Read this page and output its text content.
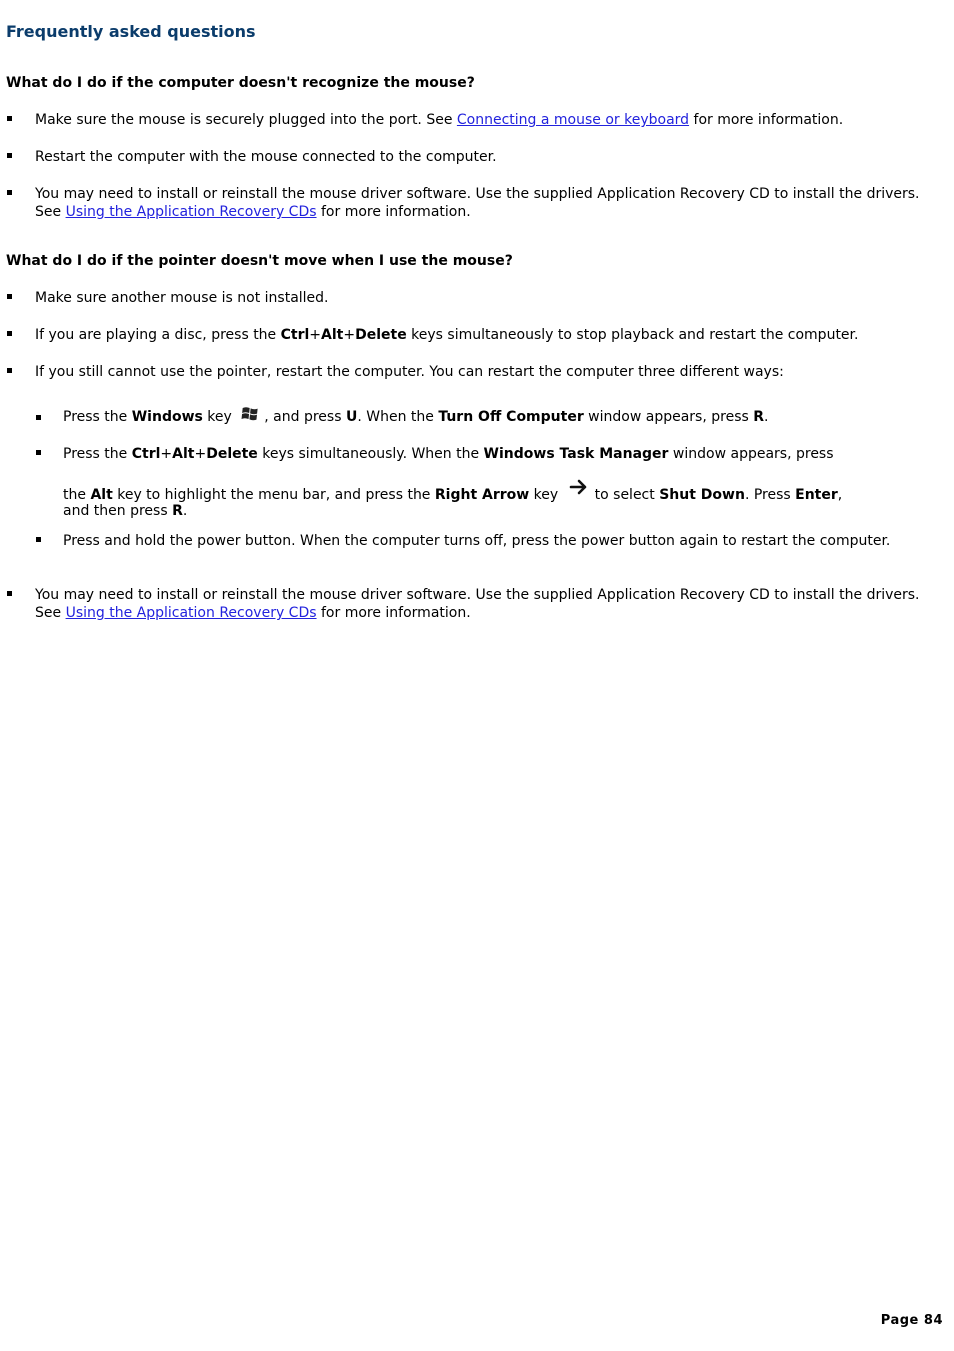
Frequently asked questions
What do I do if the computer doesn't recognize the mouse?
Make sure the mouse is securely plugged into the port. See Connecting a mouse or keyboard for more information.
Restart the computer with the mouse connected to the computer.
You may need to install or reinstall the mouse driver software. Use the supplied Application Recovery CD to install the drivers. See Using the Application Recovery CDs for more information.
What do I do if the pointer doesn't move when I use the mouse?
Make sure another mouse is not installed.
If you are playing a disc, press the Ctrl+Alt+Delete keys simultaneously to stop playback and restart the computer.
If you still cannot use the pointer, restart the computer. You can restart the computer three different ways:
Press the Windows key , and press U. When the Turn Off Computer window appears, press R.
Press the Ctrl+Alt+Delete keys simultaneously. When the Windows Task Manager window appears, press
the Alt key to highlight the menu bar, and press the Right Arrow key to select Shut Down. Press Enter,
and then press R.
Press and hold the power button. When the computer turns off, press the power button again to restart the computer.
You may need to install or reinstall the mouse driver software. Use the supplied Application Recovery CD to install the drivers. See Using the Application Recovery CDs for more information.
Page 84
